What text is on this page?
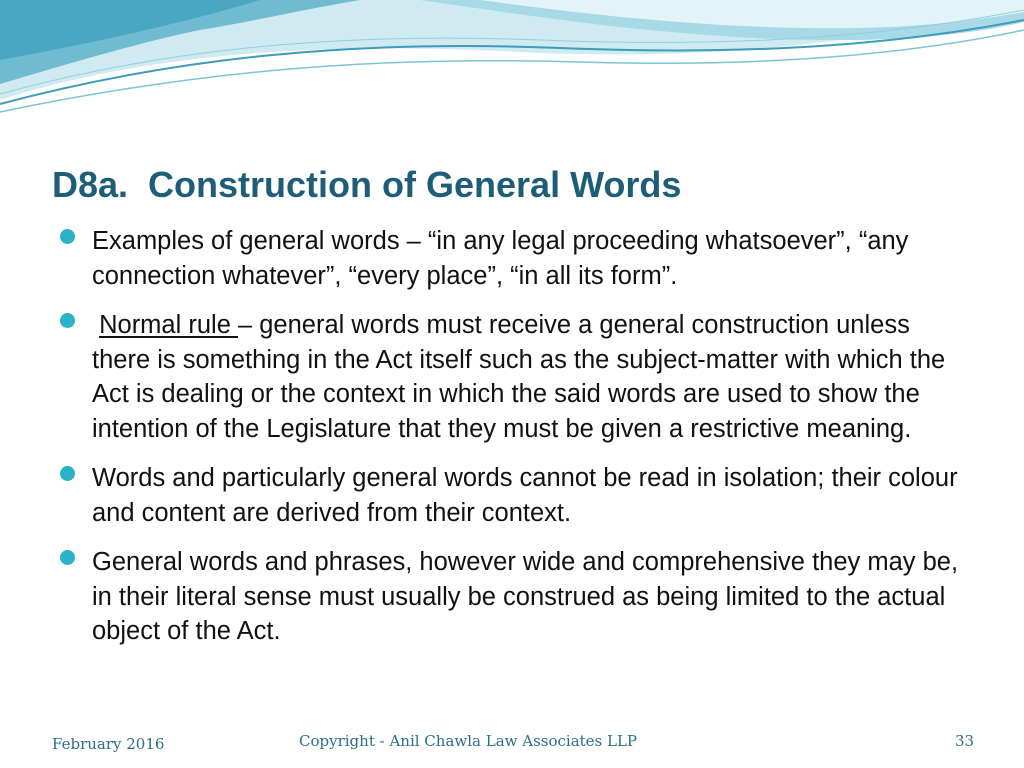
D8a. Construction of General Words
Examples of general words – “in any legal proceeding whatsoever”, “any connection whatever”, “every place”, “in all its form”.
Normal rule – general words must receive a general construction unless there is something in the Act itself such as the subject-matter with which the Act is dealing or the context in which the said words are used to show the intention of the Legislature that they must be given a restrictive meaning.
Words and particularly general words cannot be read in isolation; their colour and content are derived from their context.
General words and phrases, however wide and comprehensive they may be, in their literal sense must usually be construed as being limited to the actual object of the Act.
February 2016	Copyright - Anil Chawla Law Associates LLP	33
